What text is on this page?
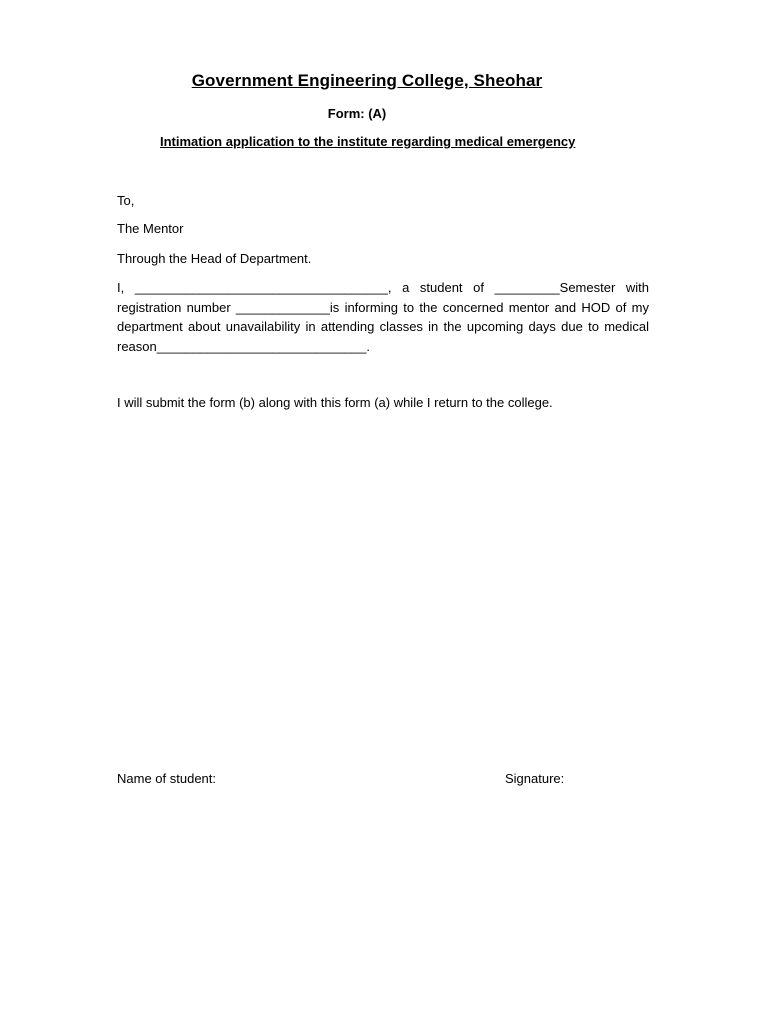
Government Engineering College, Sheohar
Form: (A)
Intimation application to the institute regarding medical emergency
To,
The Mentor
Through the Head of Department.
I, ___________________________________, a student of _________Semester with registration number _____________is informing to the concerned mentor and HOD of my department about unavailability in attending classes in the upcoming days due to medical reason_____________________________.
I will submit the form (b) along with this form (a) while I return to the college.
Name of student:	Signature:
